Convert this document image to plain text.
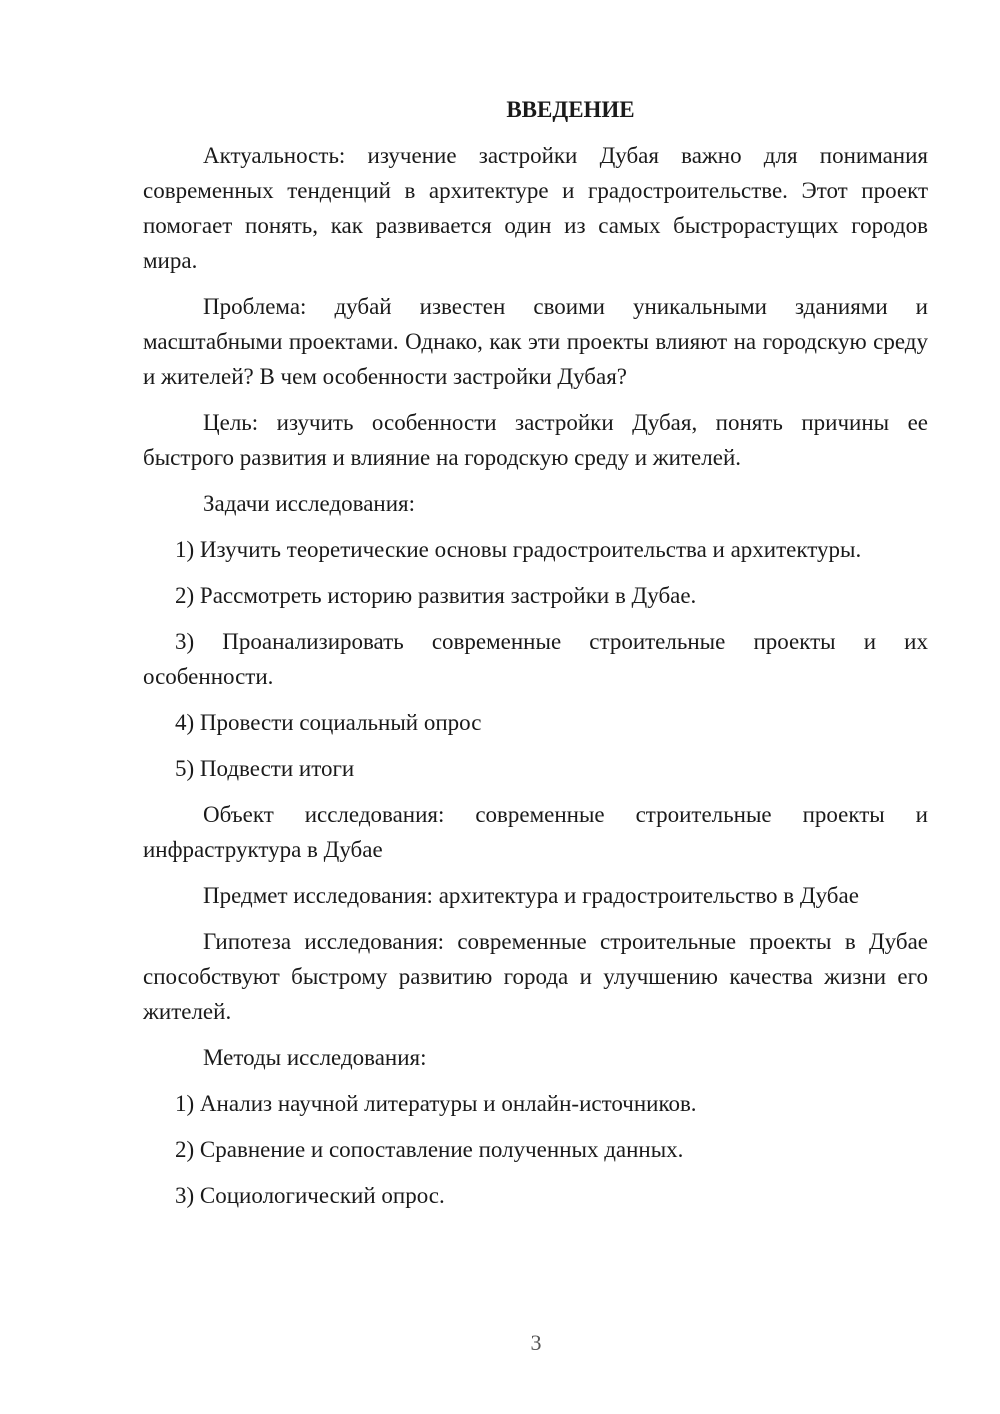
ВВЕДЕНИЕ

Актуальность: изучение застройки Дубая важно для понимания современных тенденций в архитектуре и градостроительстве. Этот проект помогает понять, как развивается один из самых быстрорастущих городов мира.

Проблема: дубай известен своими уникальными зданиями и масштабными проектами. Однако, как эти проекты влияют на городскую среду и жителей? В чем особенности застройки Дубая?

Цель: изучить особенности застройки Дубая, понять причины ее быстрого развития и влияние на городскую среду и жителей.

Задачи исследования:

1) Изучить теоретические основы градостроительства и архитектуры.

2) Рассмотреть историю развития застройки в Дубае.

3) Проанализировать современные строительные проекты и их особенности.

4) Провести социальный опрос

5) Подвести итоги

Объект исследования: современные строительные проекты и инфраструктура в Дубае

Предмет исследования: архитектура и градостроительство в Дубае

Гипотеза исследования: современные строительные проекты в Дубае способствуют быстрому развитию города и улучшению качества жизни его жителей.

Методы исследования:

1) Анализ научной литературы и онлайн-источников.

2) Сравнение и сопоставление полученных данных.

3) Социологический опрос.

3
